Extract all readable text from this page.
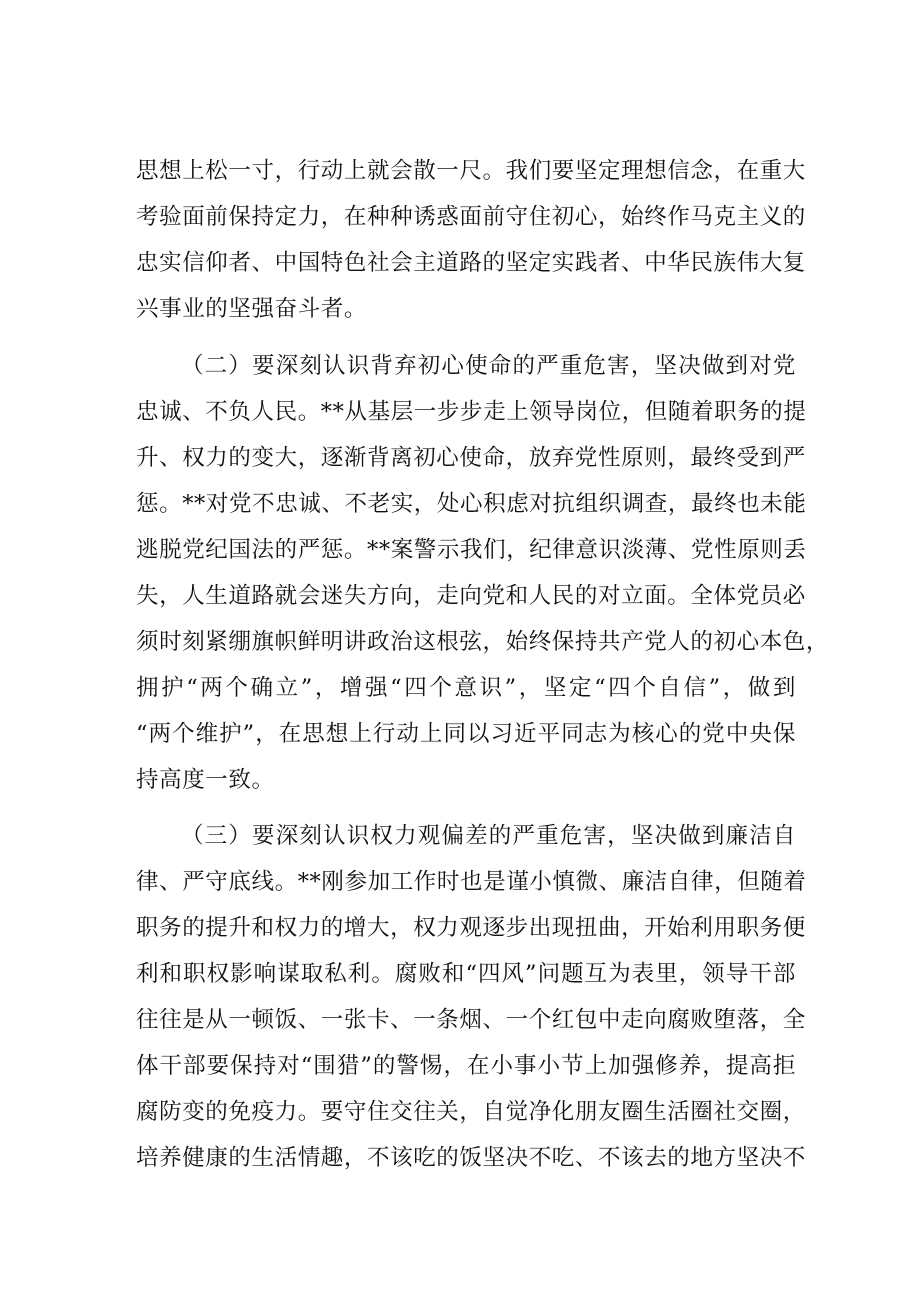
思想上松一寸，行动上就会散一尺。我们要坚定理想信念，在重大
考验面前保持定力，在种种诱惑面前守住初心，始终作马克主义的
忠实信仰者、中国特色社会主道路的坚定实践者、中华民族伟大复
兴事业的坚强奋斗者。
（二）要深刻认识背弃初心使命的严重危害，坚决做到对党
忠诚、不负人民。**从基层一步步走上领导岗位，但随着职务的提
升、权力的变大，逐渐背离初心使命，放弃党性原则，最终受到严
惩。**对党不忠诚、不老实，处心积虑对抗组织调查，最终也未能
逃脱党纪国法的严惩。**案警示我们，纪律意识淡薄、党性原则丢
失，人生道路就会迷失方向，走向党和人民的对立面。全体党员必
须时刻紧绷旗帜鲜明讲政治这根弦，始终保持共产党人的初心本色，
拥护“两个确立”，增强“四个意识”，坚定“四个自信”，做到
“两个维护”，在思想上行动上同以习近平同志为核心的党中央保
持高度一致。
（三）要深刻认识权力观偏差的严重危害，坚决做到廉洁自
律、严守底线。**刚参加工作时也是谨小慎微、廉洁自律，但随着
职务的提升和权力的增大，权力观逐步出现扭曲，开始利用职务便
利和职权影响谋取私利。腐败和“四风”问题互为表里，领导干部
往往是从一顿饭、一张卡、一条烟、一个红包中走向腐败堕落，全
体干部要保持对“围猎”的警惕，在小事小节上加强修养，提高拒
腐防变的免疫力。要守住交往关，自觉净化朋友圈生活圈社交圈，
培养健康的生活情趣，不该吃的饭坚决不吃、不该去的地方坚决不
